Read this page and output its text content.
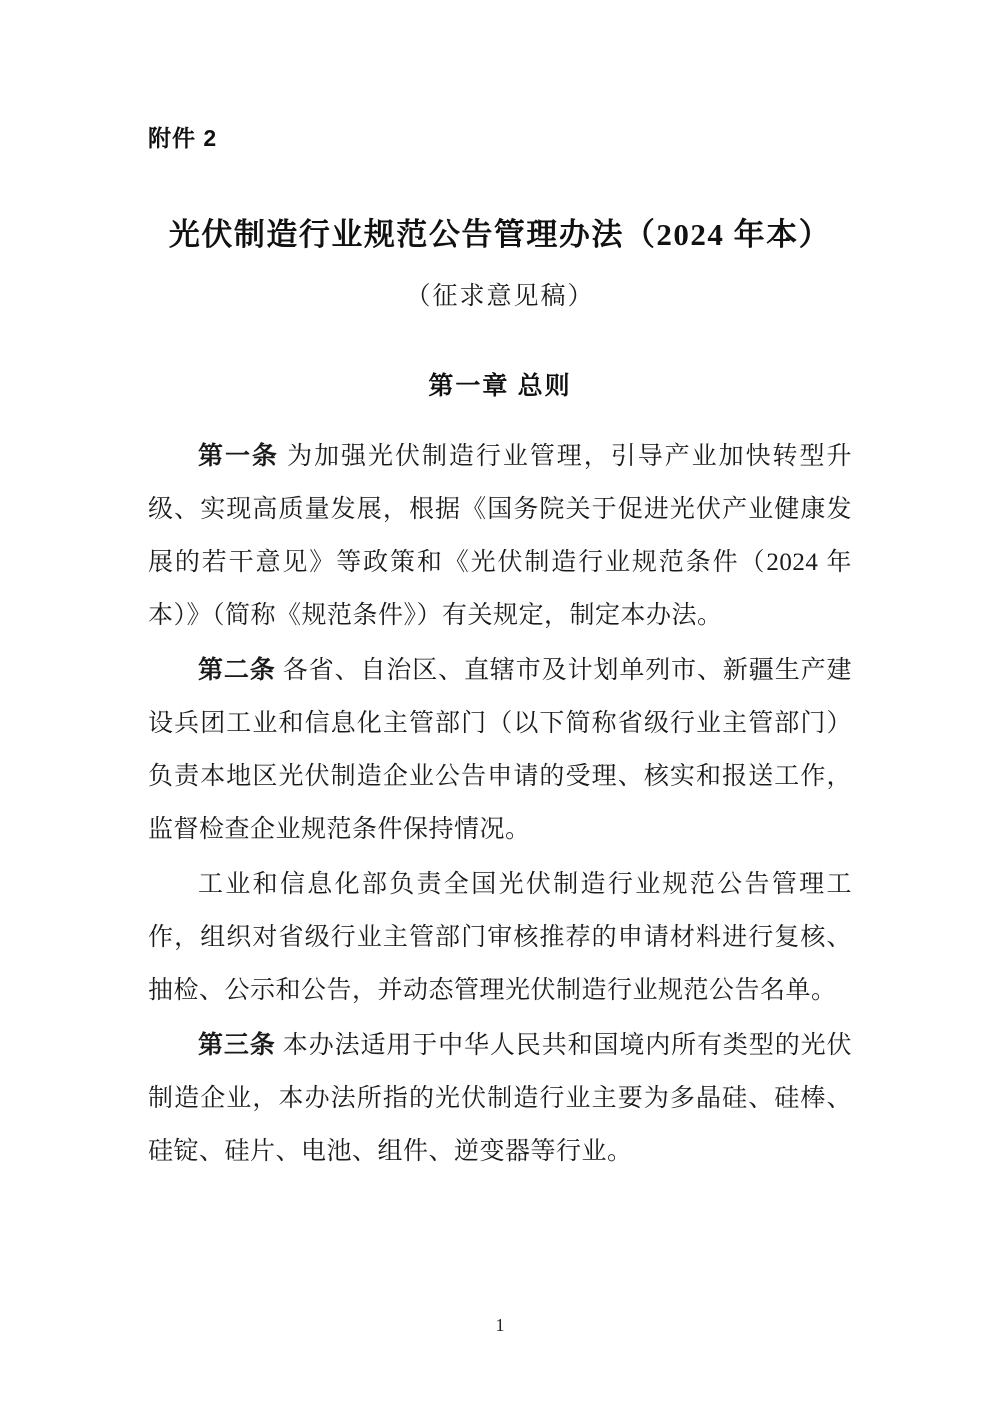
附件 2
光伏制造行业规范公告管理办法（2024 年本）
（征求意见稿）
第一章 总则

第一条 为加强光伏制造行业管理，引导产业加快转型升级、实现高质量发展，根据《国务院关于促进光伏产业健康发展的若干意见》等政策和《光伏制造行业规范条件（2024 年本）》（简称《规范条件》）有关规定，制定本办法。

第二条 各省、自治区、直辖市及计划单列市、新疆生产建设兵团工业和信息化主管部门（以下简称省级行业主管部门）负责本地区光伏制造企业公告申请的受理、核实和报送工作，监督检查企业规范条件保持情况。

工业和信息化部负责全国光伏制造行业规范公告管理工作，组织对省级行业主管部门审核推荐的申请材料进行复核、抽检、公示和公告，并动态管理光伏制造行业规范公告名单。

第三条 本办法适用于中华人民共和国境内所有类型的光伏制造企业，本办法所指的光伏制造行业主要为多晶硅、硅棒、硅锭、硅片、电池、组件、逆变器等行业。

1
